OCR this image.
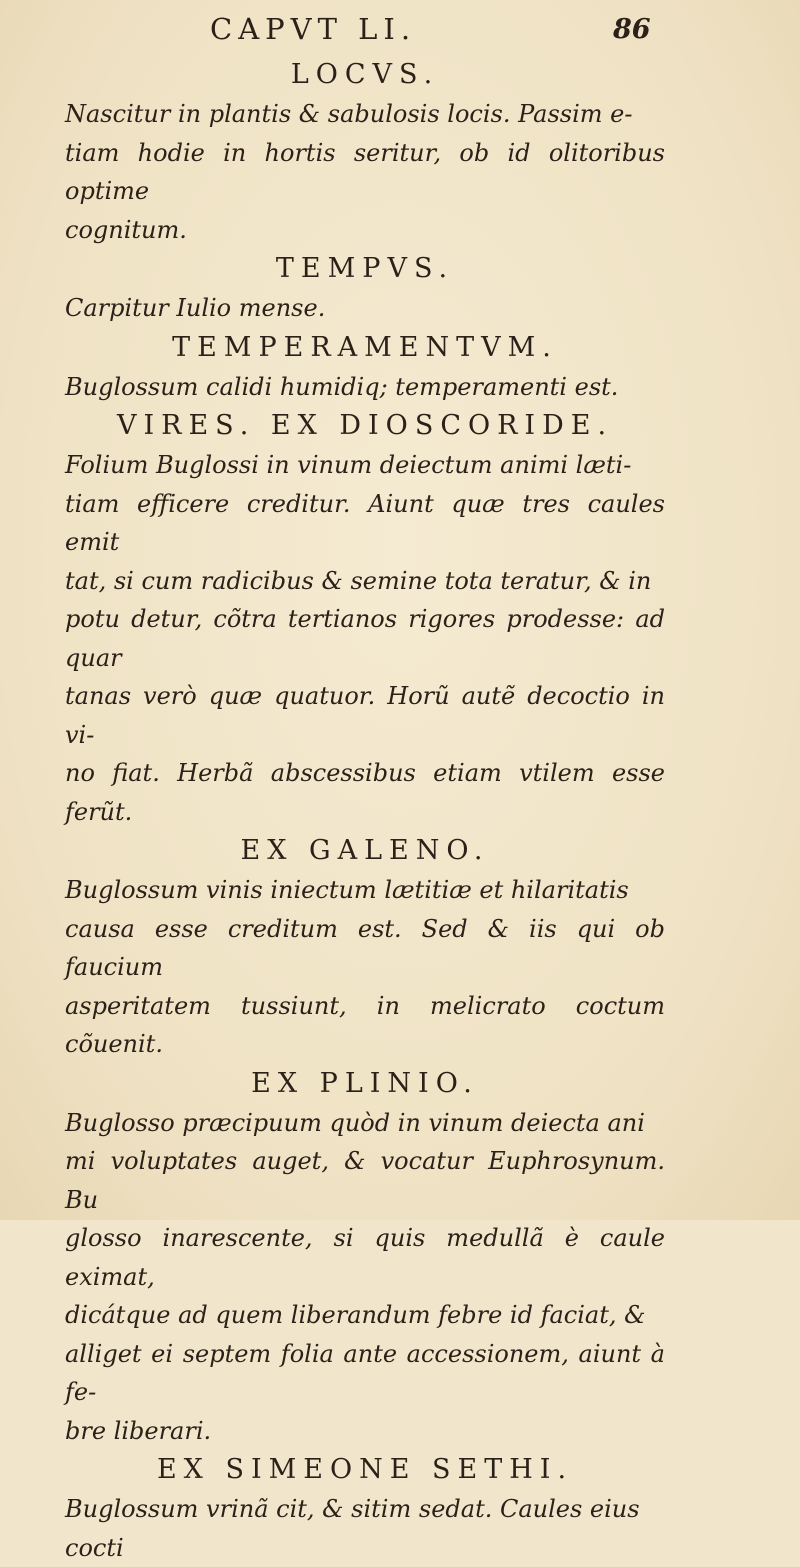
CAPVT LI.	86
LOCVS.

Nascitur in plantis & sabulosis locis. Passim e-
tiam hodie in hortis seritur, ob id olitoribus optime
cognitum.

TEMPVS.

Carpitur Iulio mense.

TEMPERAMENTVM.

Buglossum calidi humidiq; temperamenti est.

VIRES. EX DIOSCORIDE.

Folium Buglossi in vinum deiectum animi læti-
tiam efficere creditur. Aiunt quæ tres caules emit
tat, si cum radicibus & semine tota teratur, & in
potu detur, cõtra tertianos rigores prodesse: ad quar
tanas verò quæ quatuor. Horũ autẽ decoctio in vi-
no fiat. Herbã abscessibus etiam vtilem esse ferũt.

EX GALENO.

Buglossum vinis iniectum lætitiæ et hilaritatis
causa esse creditum est. Sed & iis qui ob faucium
asperitatem tussiunt, in melicrato coctum cõuenit.

EX PLINIO.

Buglosso præcipuum quòd in vinum deiecta ani
mi voluptates auget, & vocatur Euphrosynum. Bu
glosso inarescente, si quis medullã è caule eximat,
dicátque ad quem liberandum febre id faciat, &
alliget ei septem folia ante accessionem, aiunt à fe-
bre liberari.

EX SIMEONE SETHI.

Buglossum vrinã cit, & sitim sedat. Caules eius
cocti
